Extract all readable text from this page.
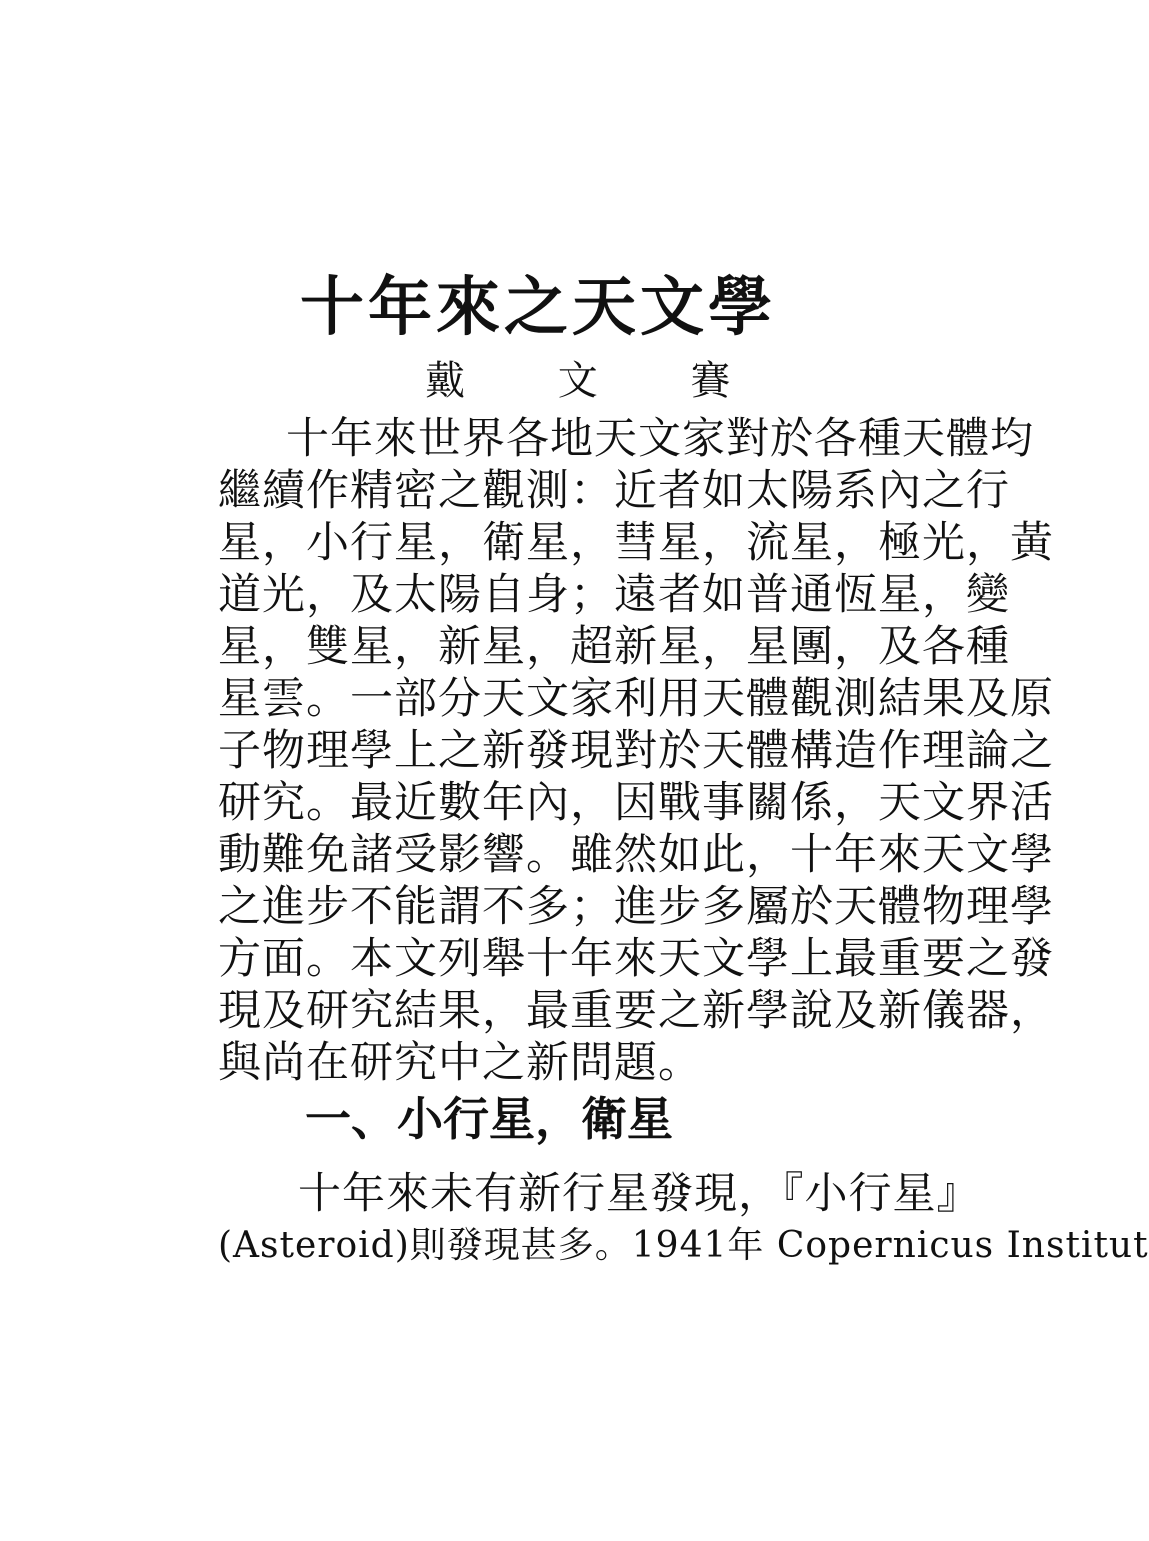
十年來之天文學
戴 文 賽
十年來世界各地天文家對於各種天體均
繼續作精密之觀測：近者如太陽系內之行
星，小行星，衛星，彗星，流星，極光，黃
道光，及太陽自身；遠者如普通恆星，變
星，雙星，新星，超新星，星團，及各種
星雲。一部分天文家利用天體觀測結果及原
子物理學上之新發現對於天體構造作理論之
研究。最近數年內，因戰事關係，天文界活
動難免諸受影響。雖然如此，十年來天文學
之進步不能謂不多；進步多屬於天體物理學
方面。本文列舉十年來天文學上最重要之發
現及研究結果，最重要之新學說及新儀器，
與尚在研究中之新問題。
一、小行星，衛星
十年來未有新行星發現，『小行星』
(Asteroid)則發現甚多。1941年 Copernicus Institut
